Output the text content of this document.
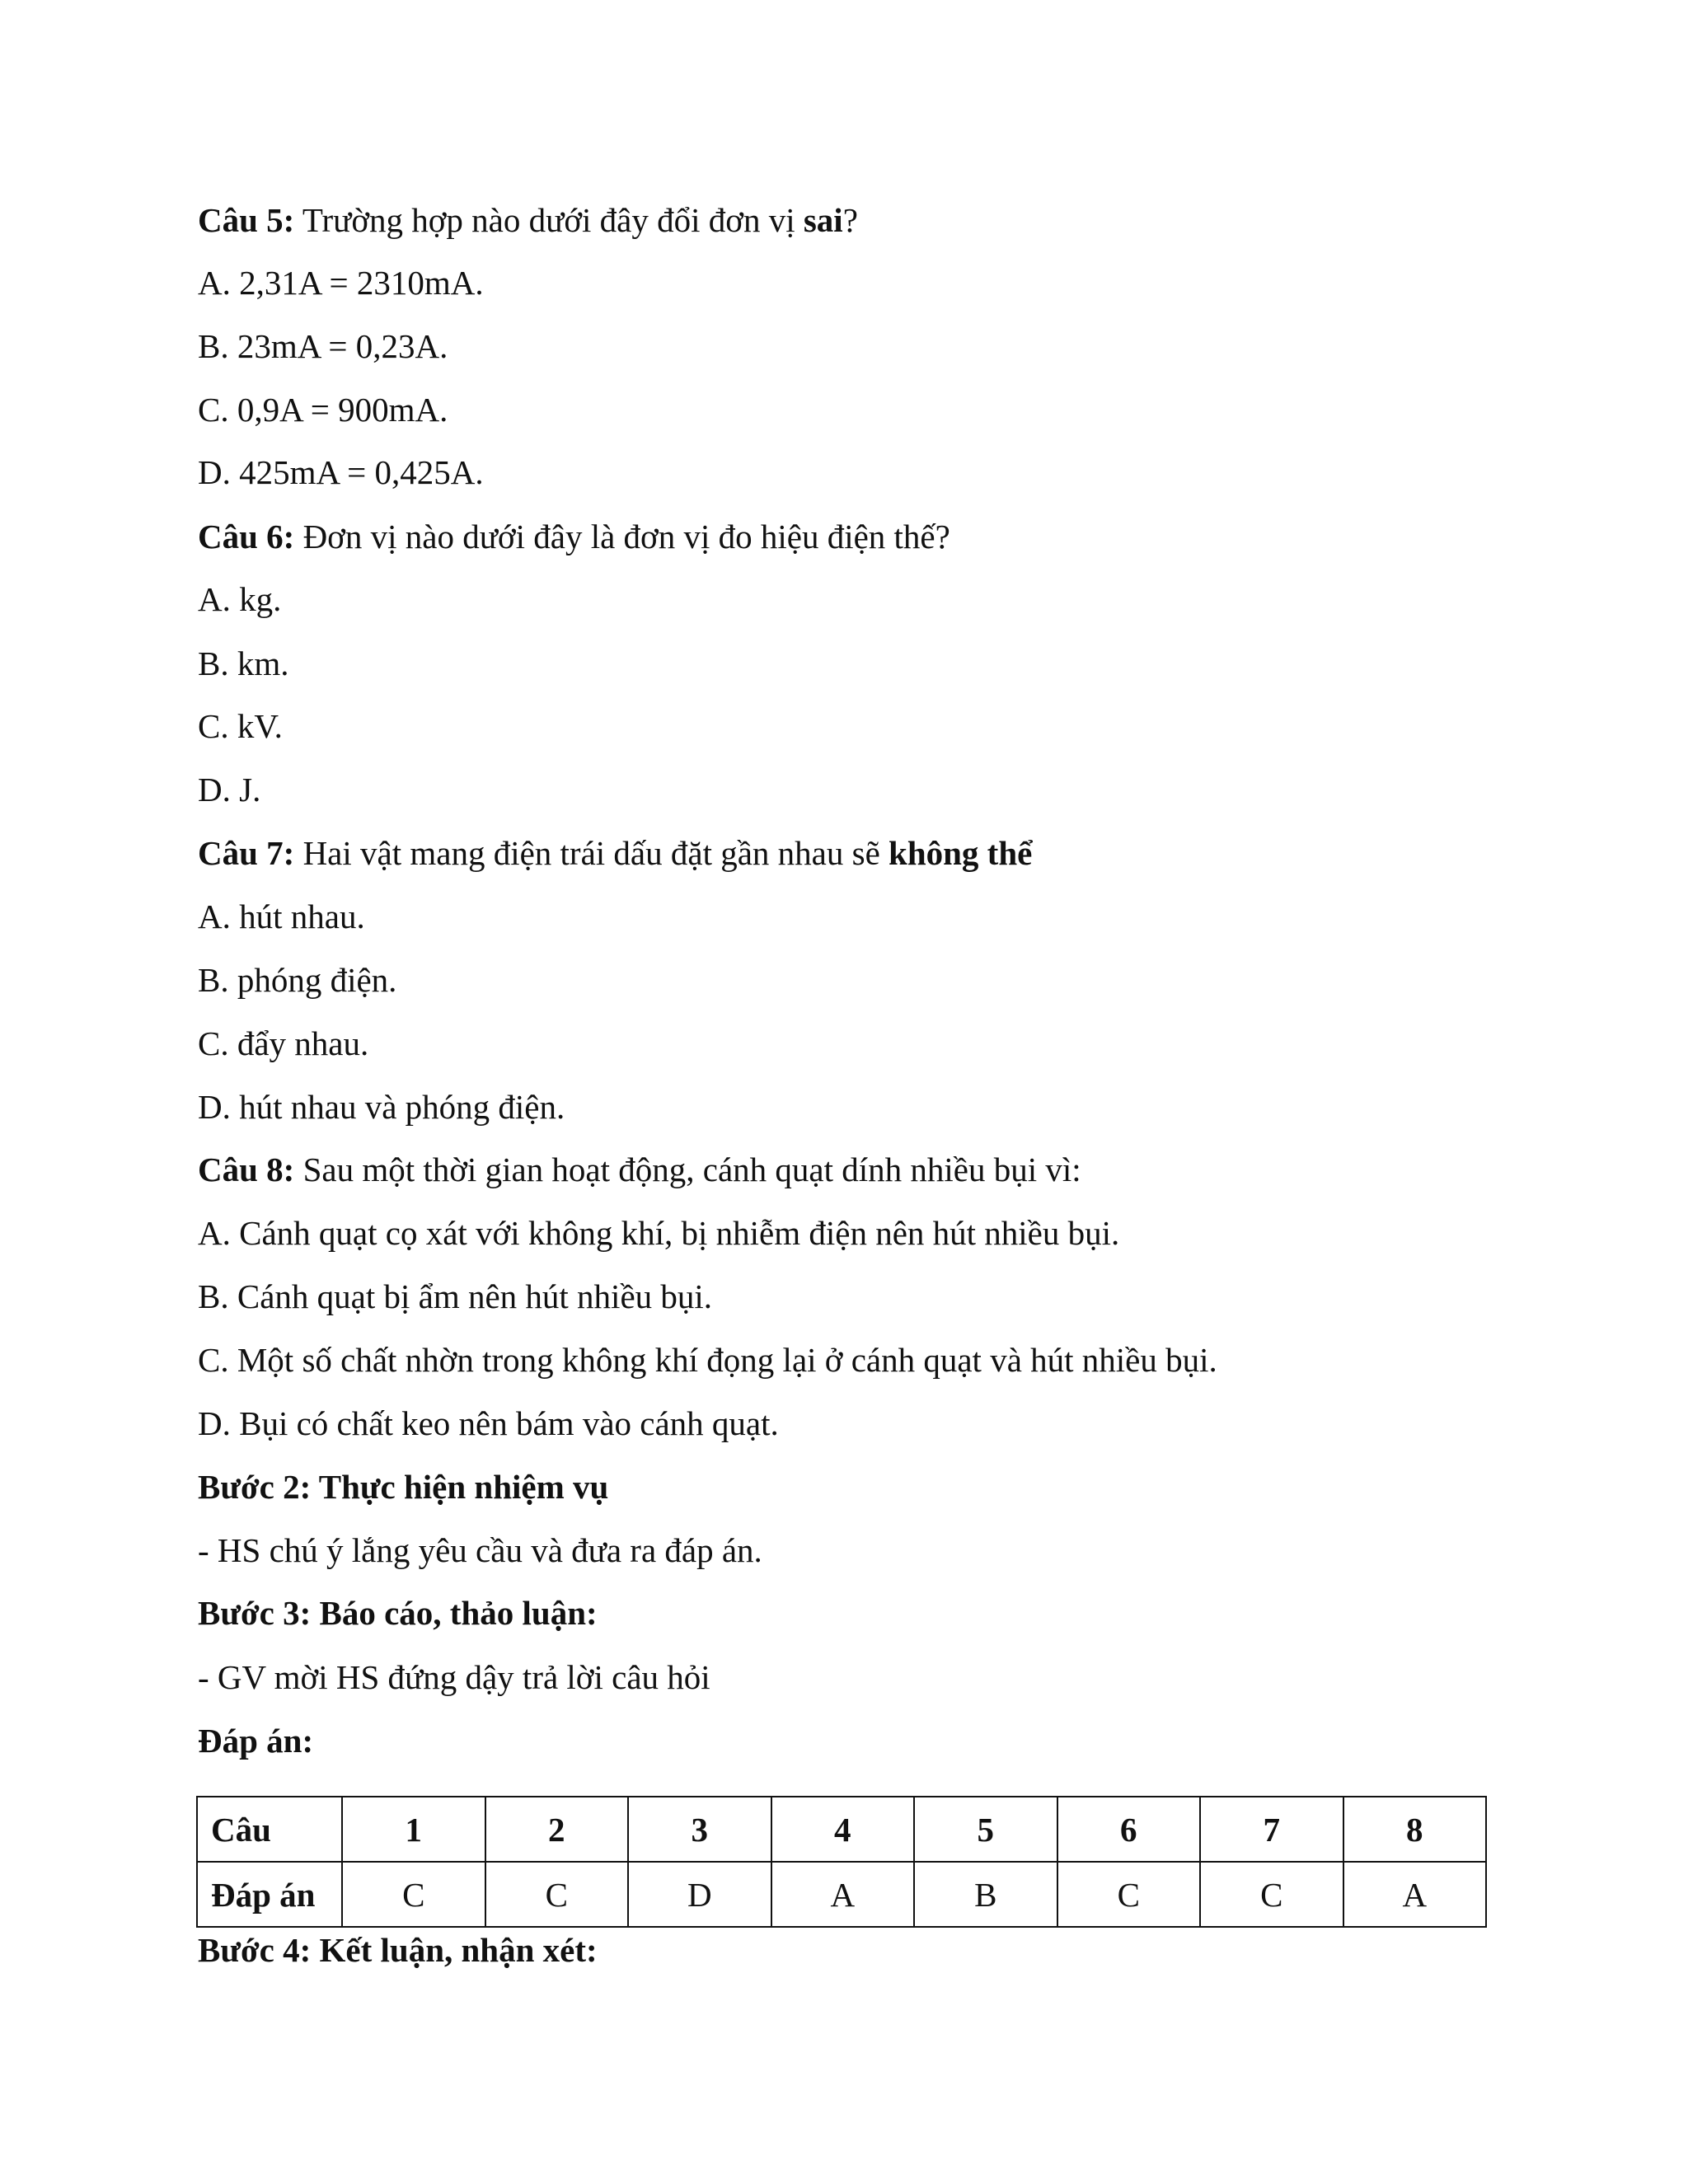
Câu 5: Trường hợp nào dưới đây đổi đơn vị sai?
A. 2,31A = 2310mA.
B. 23mA = 0,23A.
C. 0,9A = 900mA.
D. 425mA = 0,425A.
Câu 6: Đơn vị nào dưới đây là đơn vị đo hiệu điện thế?
A. kg.
B. km.
C. kV.
D. J.
Câu 7: Hai vật mang điện trái dấu đặt gần nhau sẽ không thể
A. hút nhau.
B. phóng điện.
C. đẩy nhau.
D. hút nhau và phóng điện.
Câu 8: Sau một thời gian hoạt động, cánh quạt dính nhiều bụi vì:
A. Cánh quạt cọ xát với không khí, bị nhiễm điện nên hút nhiều bụi.
B. Cánh quạt bị ẩm nên hút nhiều bụi.
C. Một số chất nhờn trong không khí đọng lại ở cánh quạt và hút nhiều bụi.
D. Bụi có chất keo nên bám vào cánh quạt.
Bước 2: Thực hiện nhiệm vụ
- HS chú ý lắng yêu cầu và đưa ra đáp án.
Bước 3: Báo cáo, thảo luận:
- GV mời HS đứng dậy trả lời câu hỏi
Đáp án:
Câu	1	2	3	4	5	6	7	8
Đáp án	C	C	D	A	B	C	C	A
Bước 4: Kết luận, nhận xét:
